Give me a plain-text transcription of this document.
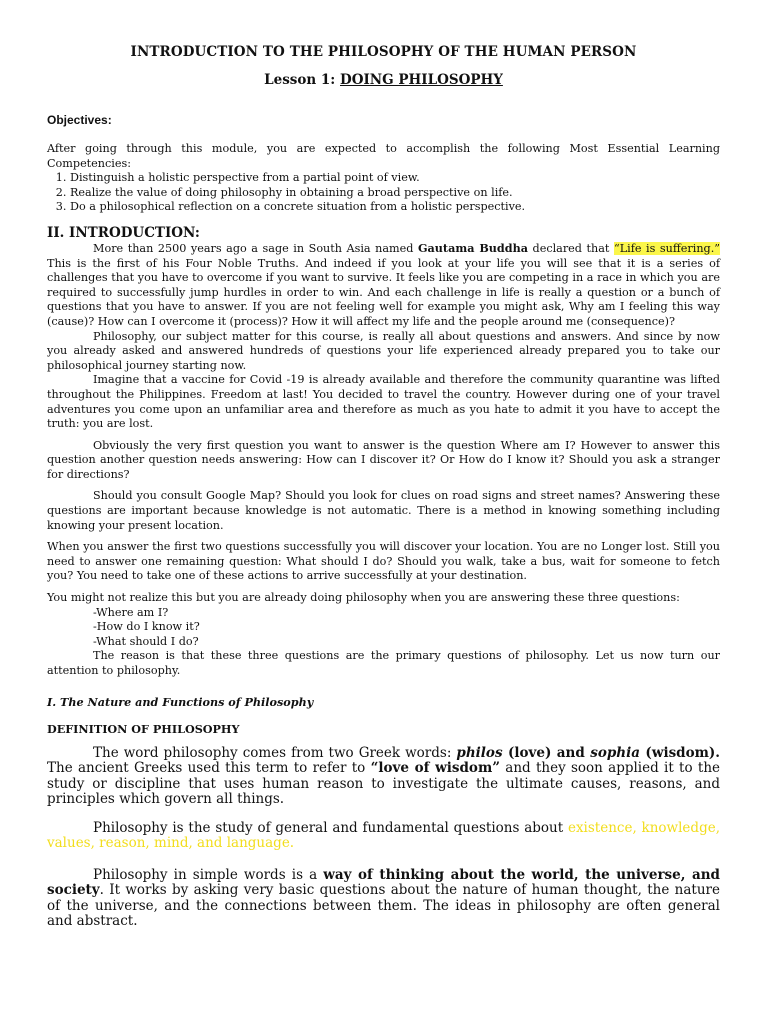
INTRODUCTION TO THE PHILOSOPHY OF THE HUMAN PERSON
Lesson 1: DOING PHILOSOPHY
Objectives:

After going through this module, you are expected to accomplish the following Most Essential Learning Competencies:

1. Distinguish a holistic perspective from a partial point of view.
2. Realize the value of doing philosophy in obtaining a broad perspective on life.
3. Do a philosophical reflection on a concrete situation from a holistic perspective.
II. INTRODUCTION:

More than 2500 years ago a sage in South Asia named Gautama Buddha declared that “Life is suffering.” This is the first of his Four Noble Truths. And indeed if you look at your life you will see that it is a series of challenges that you have to overcome if you want to survive. It feels like you are competing in a race in which you are required to successfully jump hurdles in order to win. And each challenge in life is really a question or a bunch of questions that you have to answer. If you are not feeling well for example you might ask, Why am I feeling this way (cause)? How can I overcome it (process)? How it will affect my life and the people around me (consequence)?

Philosophy, our subject matter for this course, is really all about questions and answers. And since by now you already asked and answered hundreds of questions your life experienced already prepared you to take our philosophical journey starting now.

Imagine that a vaccine for Covid -19 is already available and therefore the community quarantine was lifted throughout the Philippines. Freedom at last! You decided to travel the country. However during one of your travel adventures you come upon an unfamiliar area and therefore as much as you hate to admit it you have to accept the truth: you are lost.

Obviously the very first question you want to answer is the question Where am I? However to answer this question another question needs answering: How can I discover it? Or How do I know it? Should you ask a stranger for directions?

Should you consult Google Map? Should you look for clues on road signs and street names? Answering these questions are important because knowledge is not automatic. There is a method in knowing something including knowing your present location.

When you answer the first two questions successfully you will discover your location. You are no Longer lost. Still you need to answer one remaining question: What should I do? Should you walk, take a bus, wait for someone to fetch you? You need to take one of these actions to arrive successfully at your destination.

You might not realize this but you are already doing philosophy when you are answering these three questions:

-Where am I?

-How do I know it?

-What should I do?

The reason is that these three questions are the primary questions of philosophy. Let us now turn our attention to philosophy.

I. The Nature and Functions of Philosophy
DEFINITION OF PHILOSOPHY

The word philosophy comes from two Greek words: philos (love) and sophia (wisdom). The ancient Greeks used this term to refer to “love of wisdom” and they soon applied it to the study or discipline that uses human reason to investigate the ultimate causes, reasons, and principles which govern all things.

Philosophy is the study of general and fundamental questions about existence, knowledge, values, reason, mind, and language.

Philosophy in simple words is a way of thinking about the world, the universe, and society. It works by asking very basic questions about the nature of human thought, the nature of the universe, and the connections between them. The ideas in philosophy are often general and abstract.
